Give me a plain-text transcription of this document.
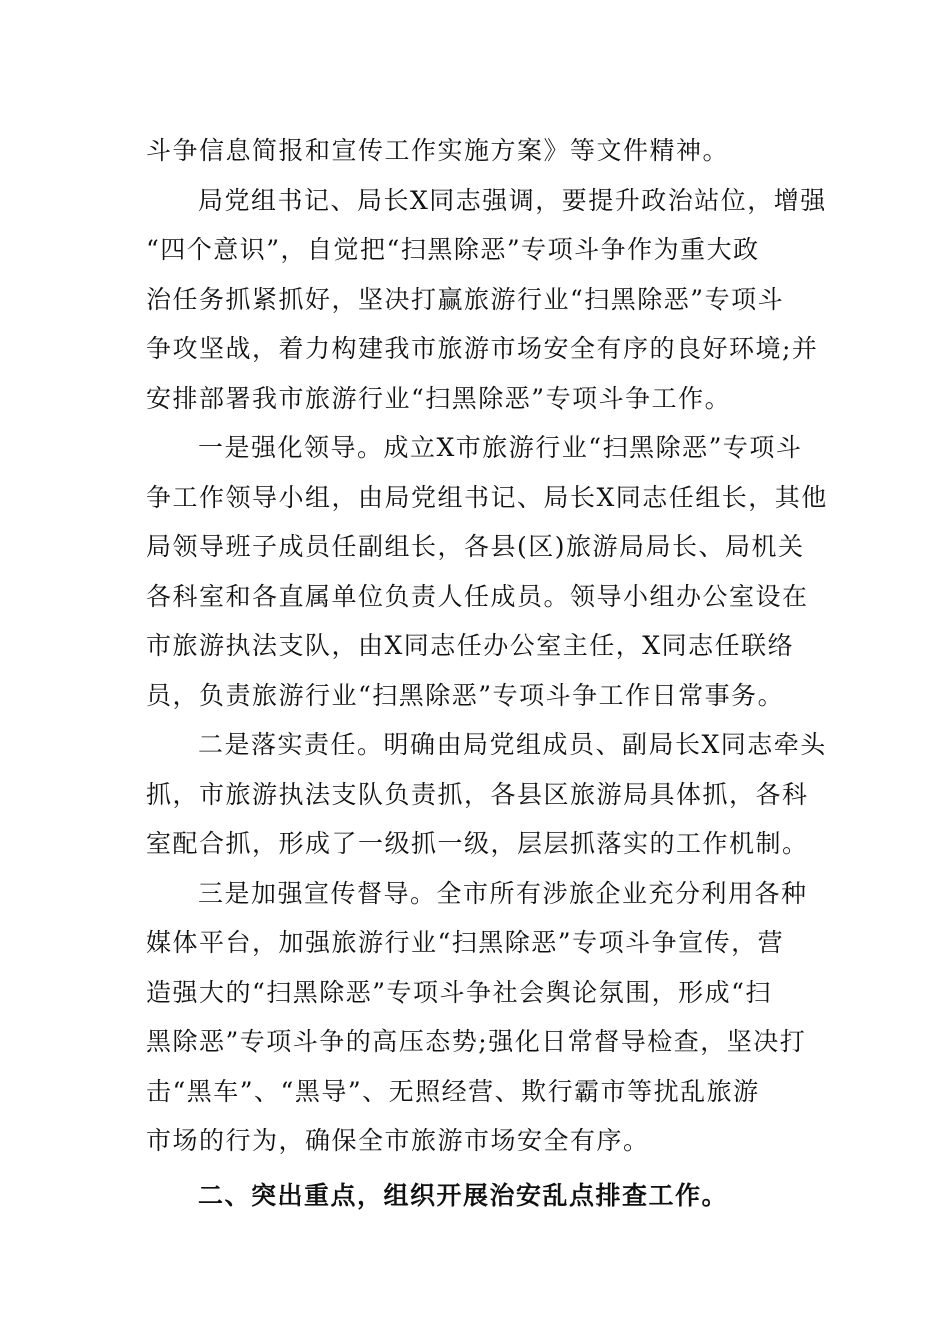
斗争信息简报和宣传工作实施方案》等文件精神。
局党组书记、局长X同志强调，要提升政治站位，增强
“四个意识”，自觉把“扫黑除恶”专项斗争作为重大政
治任务抓紧抓好，坚决打赢旅游行业“扫黑除恶”专项斗
争攻坚战，着力构建我市旅游市场安全有序的良好环境;并
安排部署我市旅游行业“扫黑除恶”专项斗争工作。
一是强化领导。成立X市旅游行业“扫黑除恶”专项斗
争工作领导小组，由局党组书记、局长X同志任组长，其他
局领导班子成员任副组长，各县(区)旅游局局长、局机关
各科室和各直属单位负责人任成员。领导小组办公室设在
市旅游执法支队，由X同志任办公室主任，X同志任联络
员，负责旅游行业“扫黑除恶”专项斗争工作日常事务。
二是落实责任。明确由局党组成员、副局长X同志牵头
抓，市旅游执法支队负责抓，各县区旅游局具体抓，各科
室配合抓，形成了一级抓一级，层层抓落实的工作机制。
三是加强宣传督导。全市所有涉旅企业充分利用各种
媒体平台，加强旅游行业“扫黑除恶”专项斗争宣传，营
造强大的“扫黑除恶”专项斗争社会舆论氛围，形成“扫
黑除恶”专项斗争的高压态势;强化日常督导检查，坚决打
击“黑车”、“黑导”、无照经营、欺行霸市等扰乱旅游
市场的行为，确保全市旅游市场安全有序。
二、突出重点，组织开展治安乱点排查工作。
